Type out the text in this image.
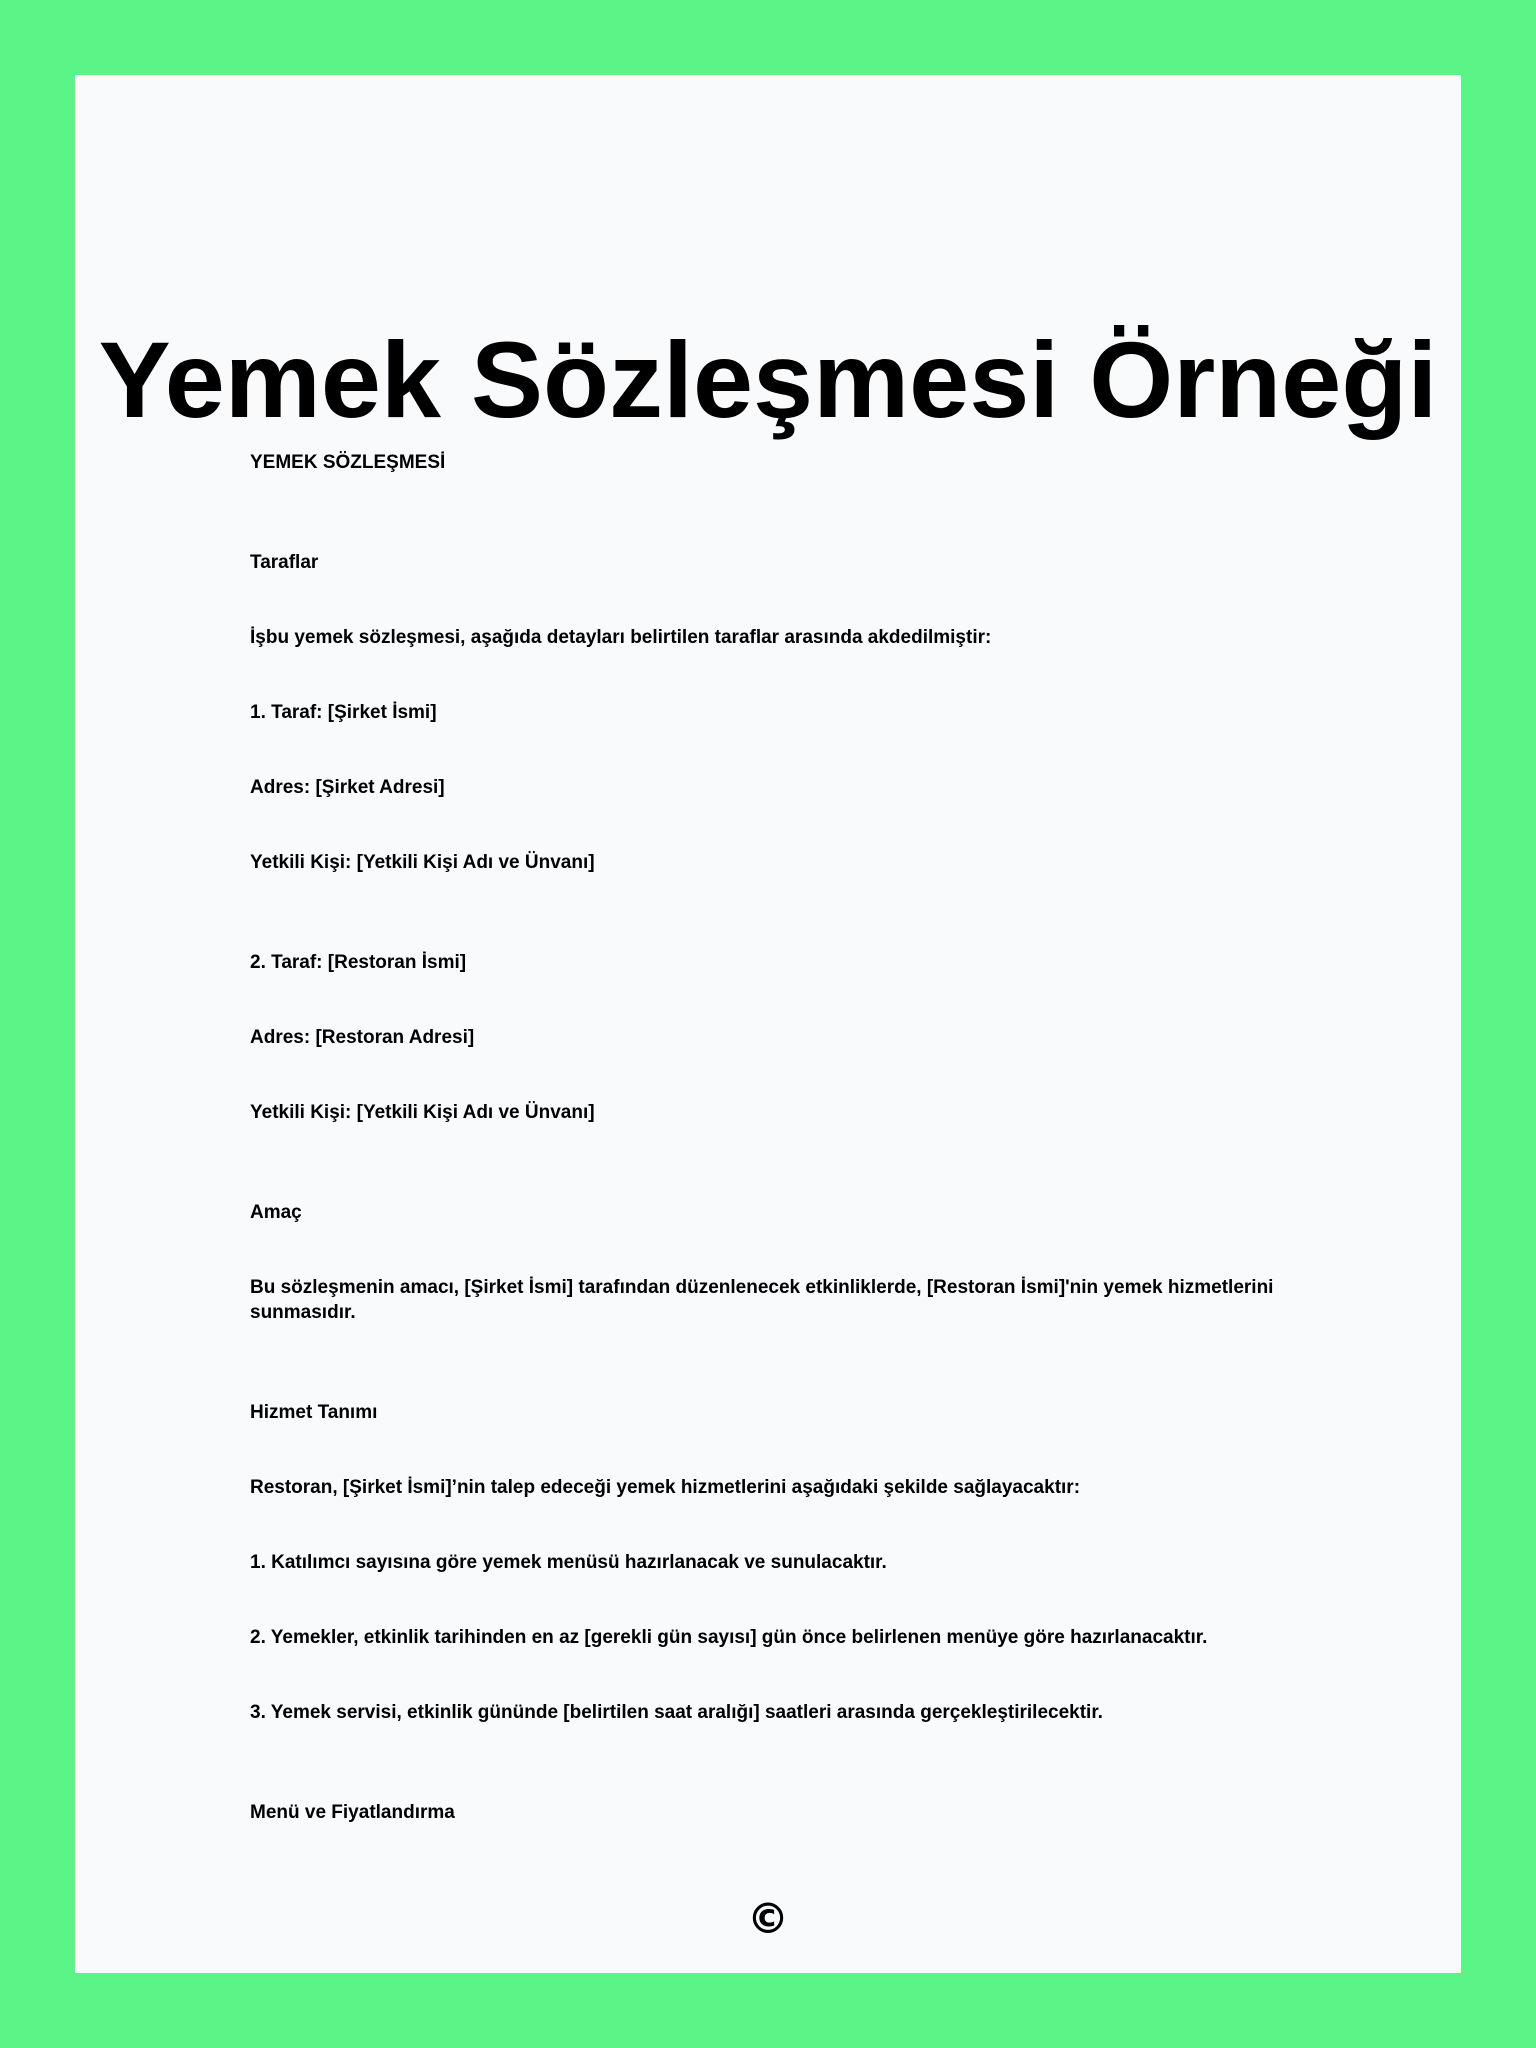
Yemek Sözleşmesi Örneği

YEMEK SÖZLEŞMESİ

Taraflar

İşbu yemek sözleşmesi, aşağıda detayları belirtilen taraflar arasında akdedilmiştir:

1. Taraf: [Şirket İsmi]

Adres: [Şirket Adresi]

Yetkili Kişi: [Yetkili Kişi Adı ve Ünvanı]

2. Taraf: [Restoran İsmi]

Adres: [Restoran Adresi]

Yetkili Kişi: [Yetkili Kişi Adı ve Ünvanı]

Amaç

Bu sözleşmenin amacı, [Şirket İsmi] tarafından düzenlenecek etkinliklerde, [Restoran İsmi]'nin yemek hizmetlerini sunmasıdır.

Hizmet Tanımı

Restoran, [Şirket İsmi]’nin talep edeceği yemek hizmetlerini aşağıdaki şekilde sağlayacaktır:

1. Katılımcı sayısına göre yemek menüsü hazırlanacak ve sunulacaktır.

2. Yemekler, etkinlik tarihinden en az [gerekli gün sayısı] gün önce belirlenen menüye göre hazırlanacaktır.

3. Yemek servisi, etkinlik gününde [belirtilen saat aralığı] saatleri arasında gerçekleştirilecektir.

Menü ve Fiyatlandırma

©
